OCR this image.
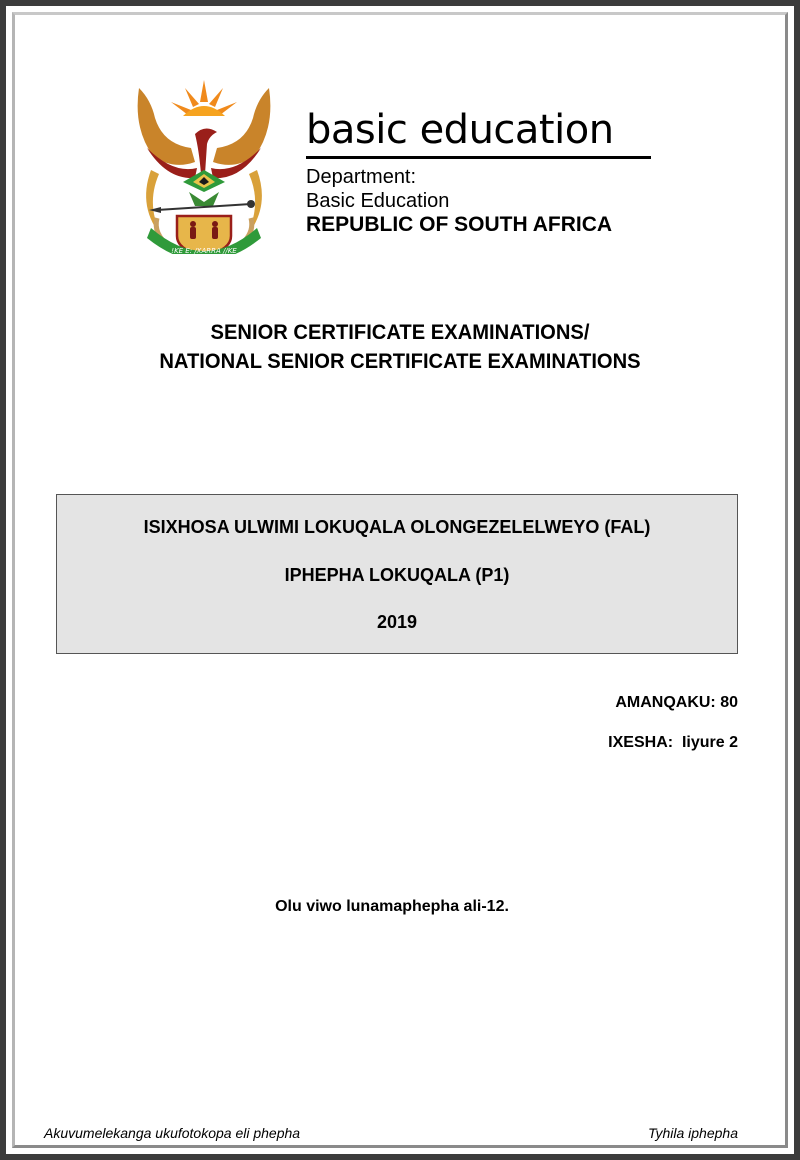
!KE E: /XARRA //KE
basic education
Department:
Basic Education
REPUBLIC OF SOUTH AFRICA
SENIOR CERTIFICATE EXAMINATIONS/
NATIONAL SENIOR CERTIFICATE EXAMINATIONS
ISIXHOSA ULWIMI LOKUQALA OLONGEZELELWEYO (FAL)
IPHEPHA LOKUQALA (P1)
2019
AMANQAKU: 80
IXESHA:  Iiyure 2
Olu viwo lunamaphepha ali-12.
Akuvumelekanga ukufotokopa eli phepha	Tyhila iphepha
